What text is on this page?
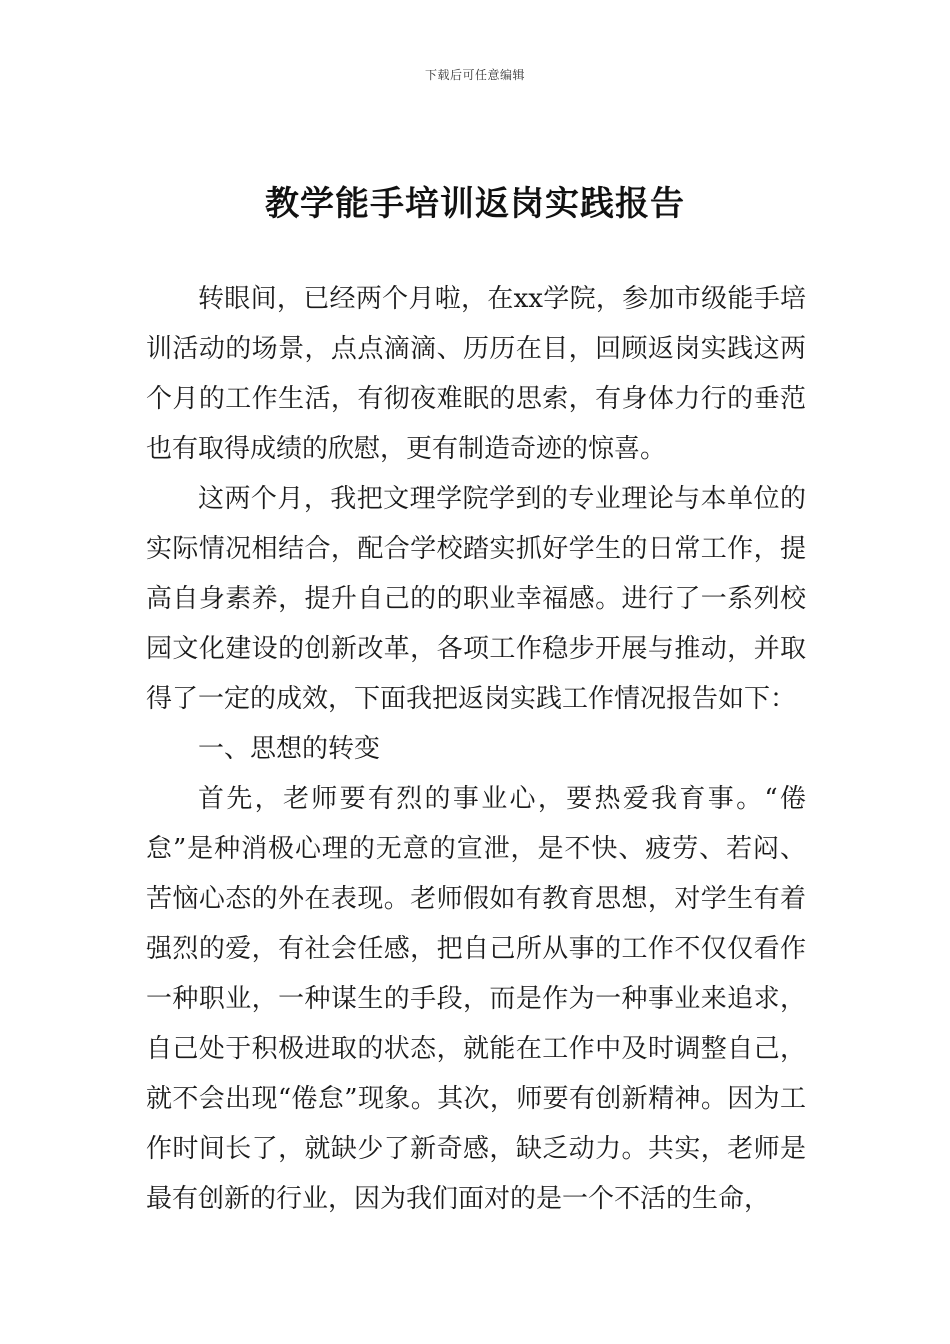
下载后可任意编辑
教学能手培训返岗实践报告

转眼间，已经两个月啦，在xx学院，参加市级能手培训活动的场景，点点滴滴、历历在目，回顾返岗实践这两个月的工作生活，有彻夜难眠的思索，有身体力行的垂范也有取得成绩的欣慰，更有制造奇迹的惊喜。

这两个月，我把文理学院学到的专业理论与本单位的实际情况相结合，配合学校踏实抓好学生的日常工作，提高自身素养，提升自己的的职业幸福感。进行了一系列校园文化建设的创新改革，各项工作稳步开展与推动，并取得了一定的成效，下面我把返岗实践工作情况报告如下：

一、思想的转变

首先，老师要有烈的事业心，要热爱我育事。“倦怠”是种消极心理的无意的宣泄，是不快、疲劳、若闷、苦恼心态的外在表现。老师假如有教育思想，对学生有着强烈的爱，有社会任感，把自己所从事的工作不仅仅看作一种职业，一种谋生的手段，而是作为一种事业来追求，自己处于积极进取的状态，就能在工作中及时调整自己，就不会出现“倦怠”现象。其次，师要有创新精神。因为工作时间长了，就缺少了新奇感，缺乏动力。共实，老师是最有创新的行业，因为我们面对的是一个不活的生命，
